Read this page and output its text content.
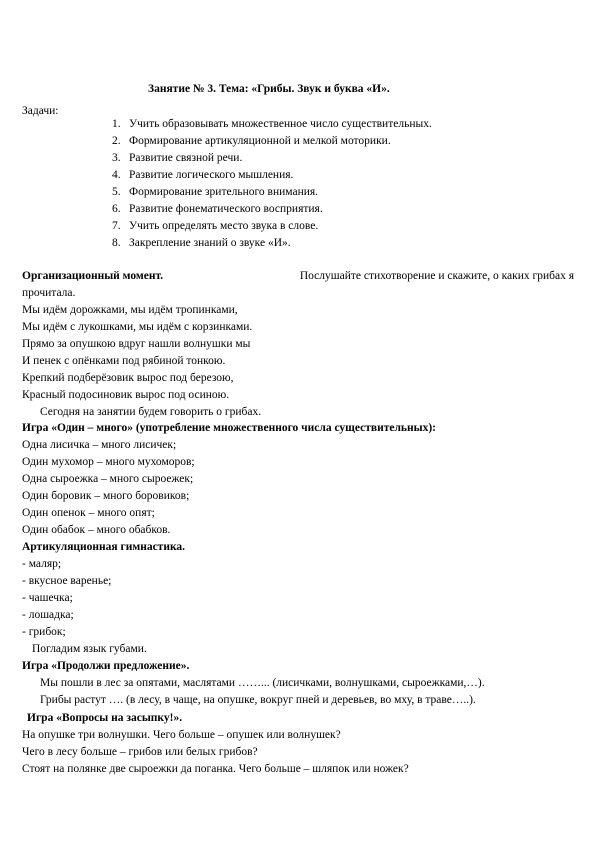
Занятие № 3. Тема: «Грибы. Звук и буква «И».
Задачи:
1. Учить образовывать множественное число существительных.
2. Формирование артикуляционной и мелкой моторики.
3. Развитие связной речи.
4. Развитие логического мышления.
5. Формирование зрительного внимания.
6. Развитие фонематического восприятия.
7. Учить определять место звука в слове.
8. Закрепление знаний о звуке «И».
Организационный момент.	Послушайте стихотворение и скажите, о каких грибах я
прочитала.
Мы идём дорожками, мы идём тропинками,
Мы идём с лукошками, мы идём с корзинками.
Прямо за опушкою вдруг нашли волнушки мы
И пенек с опёнками под рябиной тонкою.
Крепкий подберёзовик вырос под березою,
Красный подосиновик вырос под осиною.
Сегодня на занятии будем говорить о грибах.
Игра «Один – много» (употребление множественного числа существительных):
Одна лисичка – много лисичек;
Один мухомор – много мухоморов;
Одна сыроежка – много сыроежек;
Один боровик – много боровиков;
Один опенок – много опят;
Один обабок – много обабков.
Артикуляционная гимнастика.
- маляр;
- вкусное варенье;
- чашечка;
- лошадка;
- грибок;
Погладим язык губами.
Игра «Продолжи предложение».
Мы пошли в лес за опятами, маслятами ……... (лисичками, волнушками, сыроежками,…).
Грибы растут …. (в лесу, в чаще, на опушке, вокруг пней и деревьев, во мху, в траве…..).
Игра «Вопросы на засыпку!».
На опушке три волнушки. Чего больше – опушек или волнушек?
Чего в лесу больше – грибов или белых грибов?
Стоят на полянке две сыроежки да поганка. Чего больше – шляпок или ножек?
